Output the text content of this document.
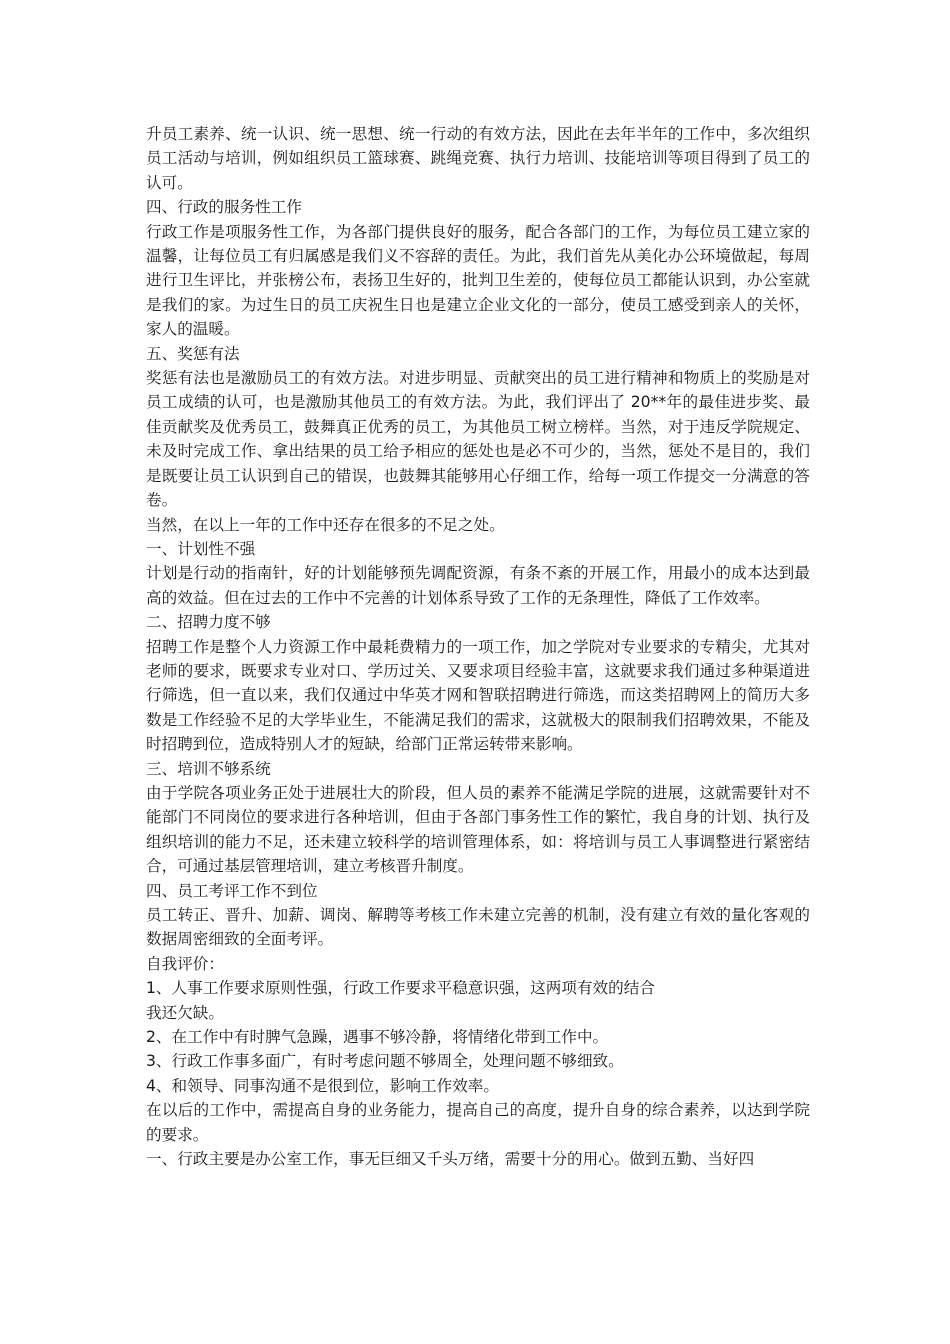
升员工素养、统一认识、统一思想、统一行动的有效方法，因此在去年半年的工作中，多次组织员工活动与培训，例如组织员工篮球赛、跳绳竞赛、执行力培训、技能培训等项目得到了员工的认可。

四、行政的服务性工作

行政工作是项服务性工作，为各部门提供良好的服务，配合各部门的工作，为每位员工建立家的温馨，让每位员工有归属感是我们义不容辞的责任。为此，我们首先从美化办公环境做起，每周进行卫生评比，并张榜公布，表扬卫生好的，批判卫生差的，使每位员工都能认识到，办公室就是我们的家。为过生日的员工庆祝生日也是建立企业文化的一部分，使员工感受到亲人的关怀，家人的温暖。

五、奖惩有法

奖惩有法也是激励员工的有效方法。对进步明显、贡献突出的员工进行精神和物质上的奖励是对员工成绩的认可，也是激励其他员工的有效方法。为此，我们评出了 20**年的最佳进步奖、最佳贡献奖及优秀员工，鼓舞真正优秀的员工，为其他员工树立榜样。当然，对于违反学院规定、未及时完成工作、拿出结果的员工给予相应的惩处也是必不可少的，当然，惩处不是目的，我们是既要让员工认识到自己的错误，也鼓舞其能够用心仔细工作，给每一项工作提交一分满意的答卷。

当然，在以上一年的工作中还存在很多的不足之处。

一、计划性不强

计划是行动的指南针，好的计划能够预先调配资源，有条不紊的开展工作，用最小的成本达到最高的效益。但在过去的工作中不完善的计划体系导致了工作的无条理性，降低了工作效率。

二、招聘力度不够

招聘工作是整个人力资源工作中最耗费精力的一项工作，加之学院对专业要求的专精尖，尤其对老师的要求，既要求专业对口、学历过关、又要求项目经验丰富，这就要求我们通过多种渠道进行筛选，但一直以来，我们仅通过中华英才网和智联招聘进行筛选，而这类招聘网上的简历大多数是工作经验不足的大学毕业生，不能满足我们的需求，这就极大的限制我们招聘效果，不能及时招聘到位，造成特别人才的短缺，给部门正常运转带来影响。

三、培训不够系统

由于学院各项业务正处于进展壮大的阶段，但人员的素养不能满足学院的进展，这就需要针对不能部门不同岗位的要求进行各种培训，但由于各部门事务性工作的繁忙，我自身的计划、执行及组织培训的能力不足，还未建立较科学的培训管理体系，如：将培训与员工人事调整进行紧密结合，可通过基层管理培训，建立考核晋升制度。

四、员工考评工作不到位

员工转正、晋升、加薪、调岗、解聘等考核工作未建立完善的机制，没有建立有效的量化客观的数据周密细致的全面考评。

自我评价：

1、人事工作要求原则性强，行政工作要求平稳意识强，这两项有效的结合

我还欠缺。

2、在工作中有时脾气急躁，遇事不够冷静，将情绪化带到工作中。

3、行政工作事多面广，有时考虑问题不够周全，处理问题不够细致。

4、和领导、同事沟通不是很到位，影响工作效率。

在以后的工作中，需提高自身的业务能力，提高自己的高度，提升自身的综合素养，以达到学院的要求。

一、行政主要是办公室工作，事无巨细又千头万绪，需要十分的用心。做到五勤、当好四
